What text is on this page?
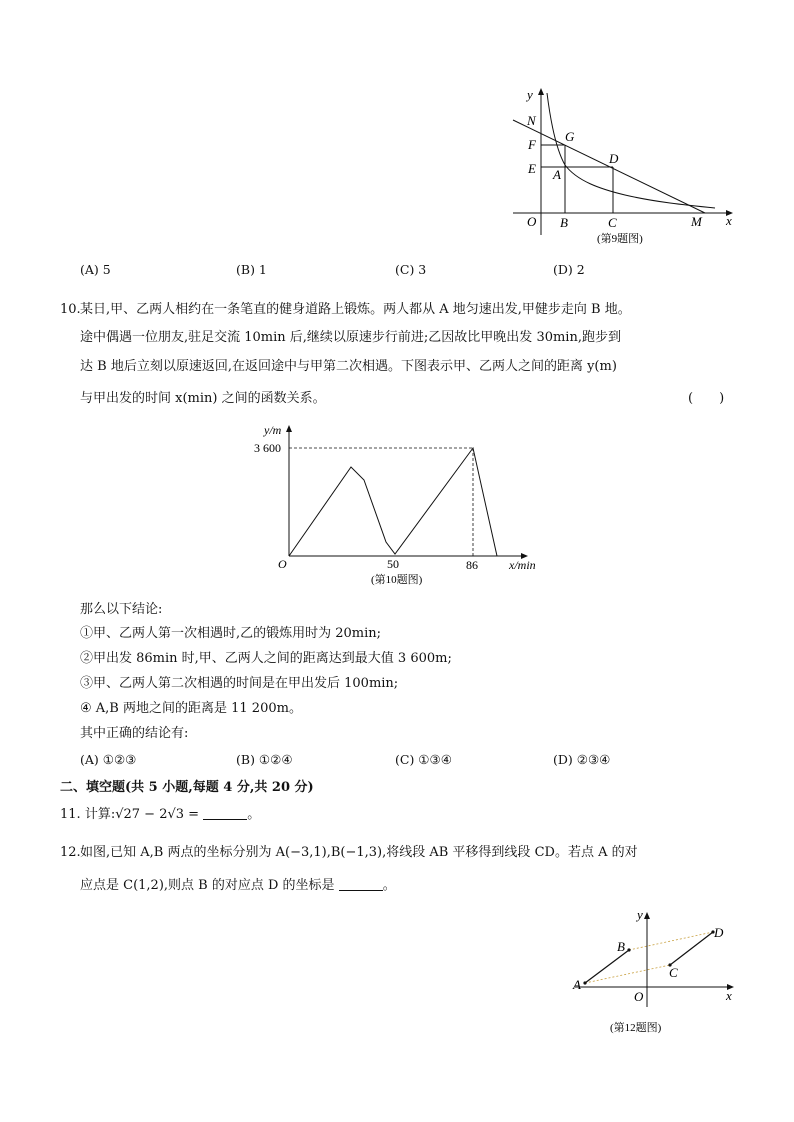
y
N
G
F
E
D
A
O B	C	M x
(第9题图)
(A) 5	(B) 1	(C) 3	(D) 2
10. 某日,甲、乙两人相约在一条笔直的健身道路上锻炼。两人都从 A 地匀速出发,甲健步走向 B 地。
途中偶遇一位朋友,驻足交流 10min 后,继续以原速步行前进;乙因故比甲晚出发 30min,跑步到
达 B 地后立刻以原速返回,在返回途中与甲第二次相遇。下图表示甲、乙两人之间的距离 y(m)
与甲出发的时间 x(min) 之间的函数关系。	(　　)
y/m
3 600
O	50	86	x/min
(第10题图)
那么以下结论:
①甲、乙两人第一次相遇时,乙的锻炼用时为 20min;
②甲出发 86min 时,甲、乙两人之间的距离达到最大值 3 600m;
③甲、乙两人第二次相遇的时间是在甲出发后 100min;
④ A,B 两地之间的距离是 11 200m。
其中正确的结论有:
(A) ①②③	(B) ①②④	(C) ①③④	(D) ②③④
二、填空题(共 5 小题,每题 4 分,共 20 分)
11. 计算:√27 − 2√3 =	。
12. 如图,已知 A,B 两点的坐标分别为 A(−3,1),B(−1,3),将线段 AB 平移得到线段 CD。若点 A 的对
应点是 C(1,2),则点 B 的对应点 D 的坐标是	。
y
B
D
C
A
O	x
(第12题图)
